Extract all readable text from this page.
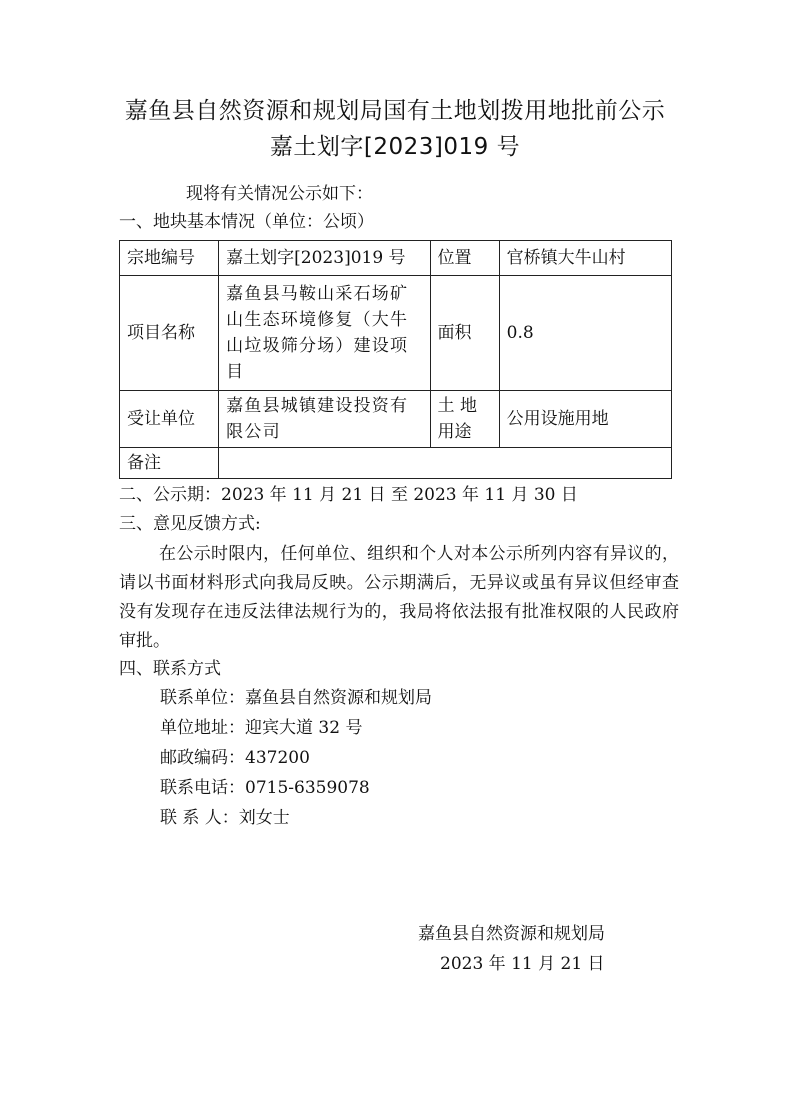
嘉鱼县自然资源和规划局国有土地划拨用地批前公示
嘉土划字[2023]019 号
现将有关情况公示如下：
一、地块基本情况（单位：公顷）
宗地编号	嘉土划字[2023]019 号	位置	官桥镇大牛山村
项目名称	嘉鱼县马鞍山采石场矿山生态环境修复（大牛山垃圾筛分场）建设项目	面积	0.8
受让单位	嘉鱼县城镇建设投资有限公司	土 地用途	公用设施用地
备注			
二、公示期：2023 年 11 月 21 日 至 2023 年 11 月 30 日
三、意见反馈方式:
在公示时限内，任何单位、组织和个人对本公示所列内容有异议的，请以书面材料形式向我局反映。公示期满后，无异议或虽有异议但经审查没有发现存在违反法律法规行为的，我局将依法报有批准权限的人民政府审批。
四、联系方式
联系单位：嘉鱼县自然资源和规划局
单位地址：迎宾大道 32 号
邮政编码：437200
联系电话：0715-6359078
联 系 人：刘女士
嘉鱼县自然资源和规划局
2023 年 11 月 21 日
